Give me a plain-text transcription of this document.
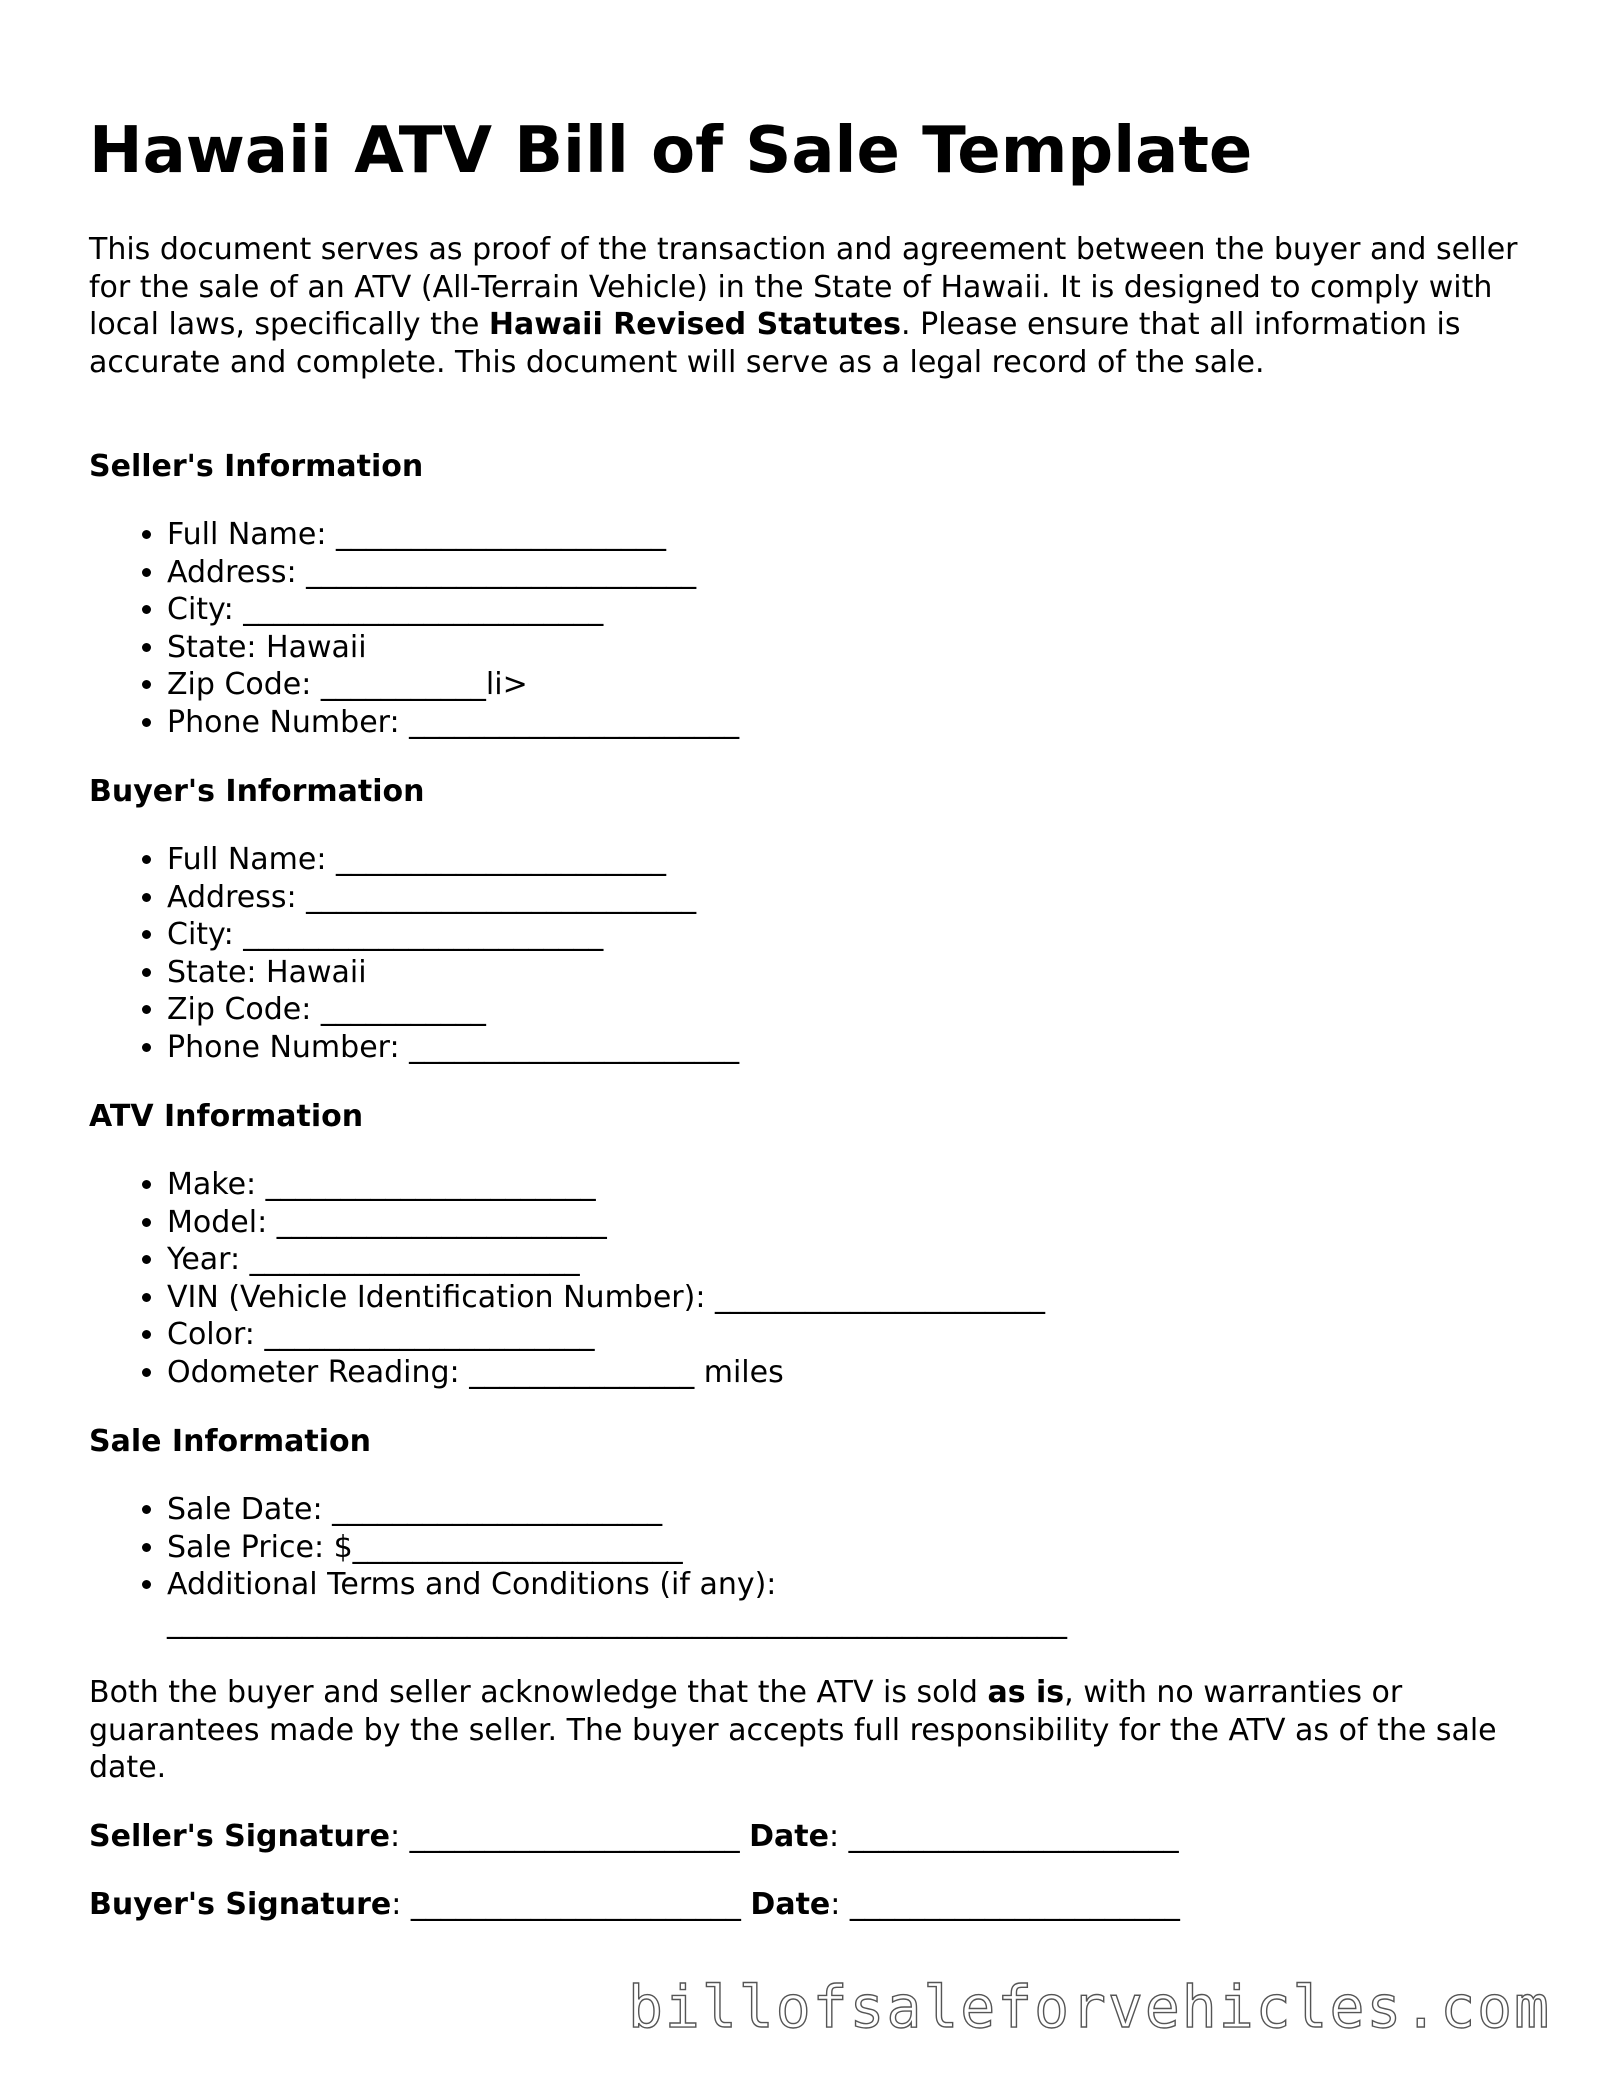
Hawaii ATV Bill of Sale Template

This document serves as proof of the transaction and agreement between the buyer and seller for the sale of an ATV (All-Terrain Vehicle) in the State of Hawaii. It is designed to comply with local laws, specifically the Hawaii Revised Statutes. Please ensure that all information is accurate and complete. This document will serve as a legal record of the sale.

Seller's Information
• Full Name: ______________________
• Address: __________________________
• City: ________________________
• State: Hawaii
• Zip Code: ___________li>
• Phone Number: ______________________
Buyer's Information
• Full Name: ______________________
• Address: __________________________
• City: ________________________
• State: Hawaii
• Zip Code: ___________
• Phone Number: ______________________
ATV Information
• Make: ______________________
• Model: ______________________
• Year: ______________________
• VIN (Vehicle Identification Number): ______________________
• Color: ______________________
• Odometer Reading: _______________ miles
Sale Information
• Sale Date: ______________________
• Sale Price: $______________________
• Additional Terms and Conditions (if any):
____________________________________________________________

Both the buyer and seller acknowledge that the ATV is sold as is, with no warranties or guarantees made by the seller. The buyer accepts full responsibility for the ATV as of the sale date.

Seller's Signature: ______________________ Date: ______________________

Buyer's Signature: ______________________ Date: ______________________

billofsaleforvehicles.com
